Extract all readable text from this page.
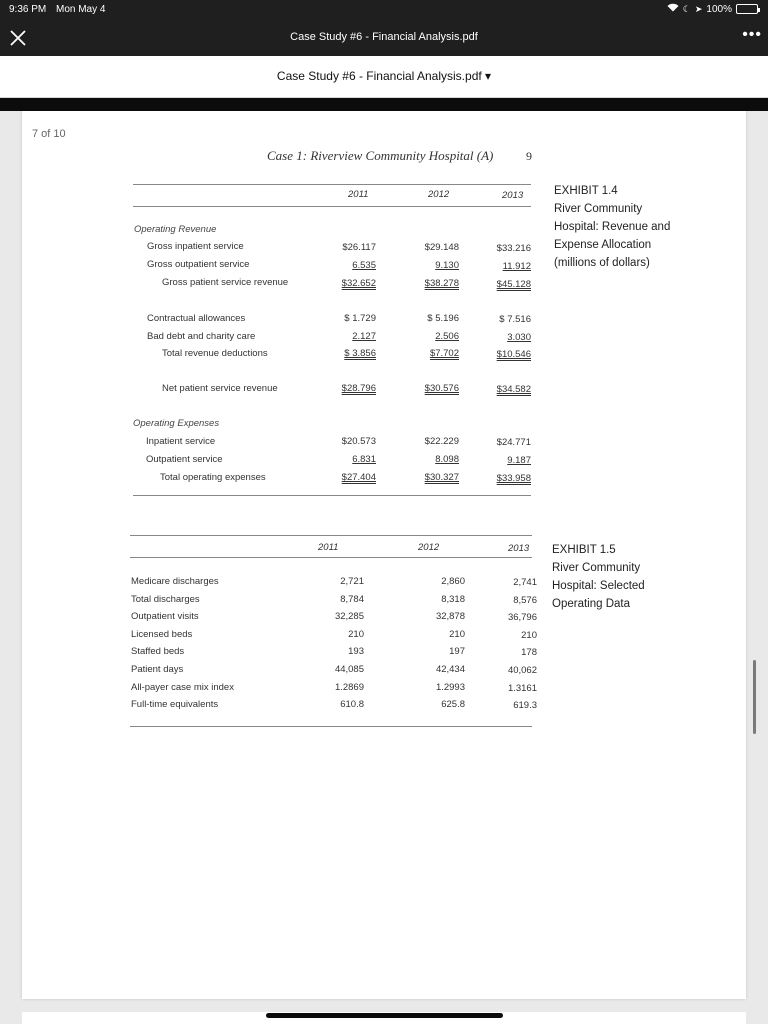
9:36 PM Mon May 4	☾ ➤ 100%
Case Study #6 - Financial Analysis.pdf	•••
Case Study #6 - Financial Analysis.pdf ▾
7 of 10
Case 1: Riverview Community Hospital (A)	9
2011	2012	2013
Operating Revenue
Gross inpatient service	$26.117	$29.148	$33.216
Gross outpatient service	6.535	9.130	11.912
Gross patient service revenue	$32.652	$38.278	$45.128
Contractual allowances	$ 1.729	$ 5.196	$ 7.516
Bad debt and charity care	2.127	2.506	3.030
Total revenue deductions	$ 3.856	$7.702	$10.546
Net patient service revenue	$28.796	$30.576	$34.582
Operating Expenses
Inpatient service	$20.573	$22.229	$24.771
Outpatient service	6.831	8.098	9.187
Total operating expenses	$27.404	$30.327	$33.958
EXHIBIT 1.4
River Community
Hospital: Revenue and
Expense Allocation
(millions of dollars)
2011	2012	2013
Medicare discharges	2,721	2,860	2,741
Total discharges	8,784	8,318	8,576
Outpatient visits	32,285	32,878	36,796
Licensed beds	210	210	210
Staffed beds	193	197	178
Patient days	44,085	42,434	40,062
All-payer case mix index	1.2869	1.2993	1.3161
Full-time equivalents	610.8	625.8	619.3
EXHIBIT 1.5
River Community
Hospital: Selected
Operating Data
